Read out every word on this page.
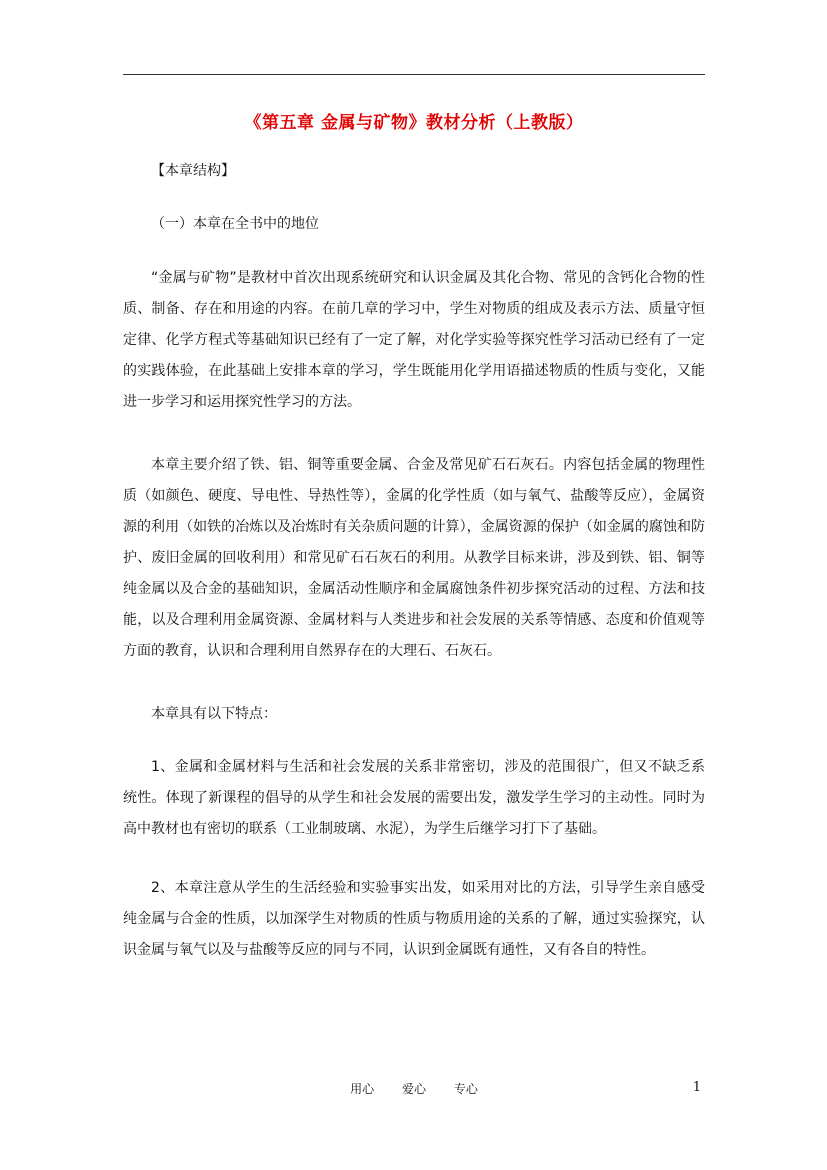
《第五章 金属与矿物》教材分析（上教版）
【本章结构】
（一）本章在全书中的地位
“金属与矿物”是教材中首次出现系统研究和认识金属及其化合物、常见的含钙化合物的性质、制备、存在和用途的内容。在前几章的学习中，学生对物质的组成及表示方法、质量守恒定律、化学方程式等基础知识已经有了一定了解，对化学实验等探究性学习活动已经有了一定的实践体验，在此基础上安排本章的学习，学生既能用化学用语描述物质的性质与变化，又能进一步学习和运用探究性学习的方法。
本章主要介绍了铁、铝、铜等重要金属、合金及常见矿石石灰石。内容包括金属的物理性质（如颜色、硬度、导电性、导热性等），金属的化学性质（如与氧气、盐酸等反应），金属资源的利用（如铁的冶炼以及冶炼时有关杂质问题的计算），金属资源的保护（如金属的腐蚀和防护、废旧金属的回收利用）和常见矿石石灰石的利用。从教学目标来讲，涉及到铁、铝、铜等纯金属以及合金的基础知识，金属活动性顺序和金属腐蚀条件初步探究活动的过程、方法和技能，以及合理利用金属资源、金属材料与人类进步和社会发展的关系等情感、态度和价值观等方面的教育，认识和合理利用自然界存在的大理石、石灰石。
本章具有以下特点：
1、金属和金属材料与生活和社会发展的关系非常密切，涉及的范围很广，但又不缺乏系统性。体现了新课程的倡导的从学生和社会发展的需要出发，激发学生学习的主动性。同时为高中教材也有密切的联系（工业制玻璃、水泥），为学生后继学习打下了基础。
2、本章注意从学生的生活经验和实验事实出发，如采用对比的方法，引导学生亲自感受纯金属与合金的性质，以加深学生对物质的性质与物质用途的关系的了解，通过实验探究，认识金属与氧气以及与盐酸等反应的同与不同，认识到金属既有通性，又有各自的特性。
用心 爱心 专心	1
